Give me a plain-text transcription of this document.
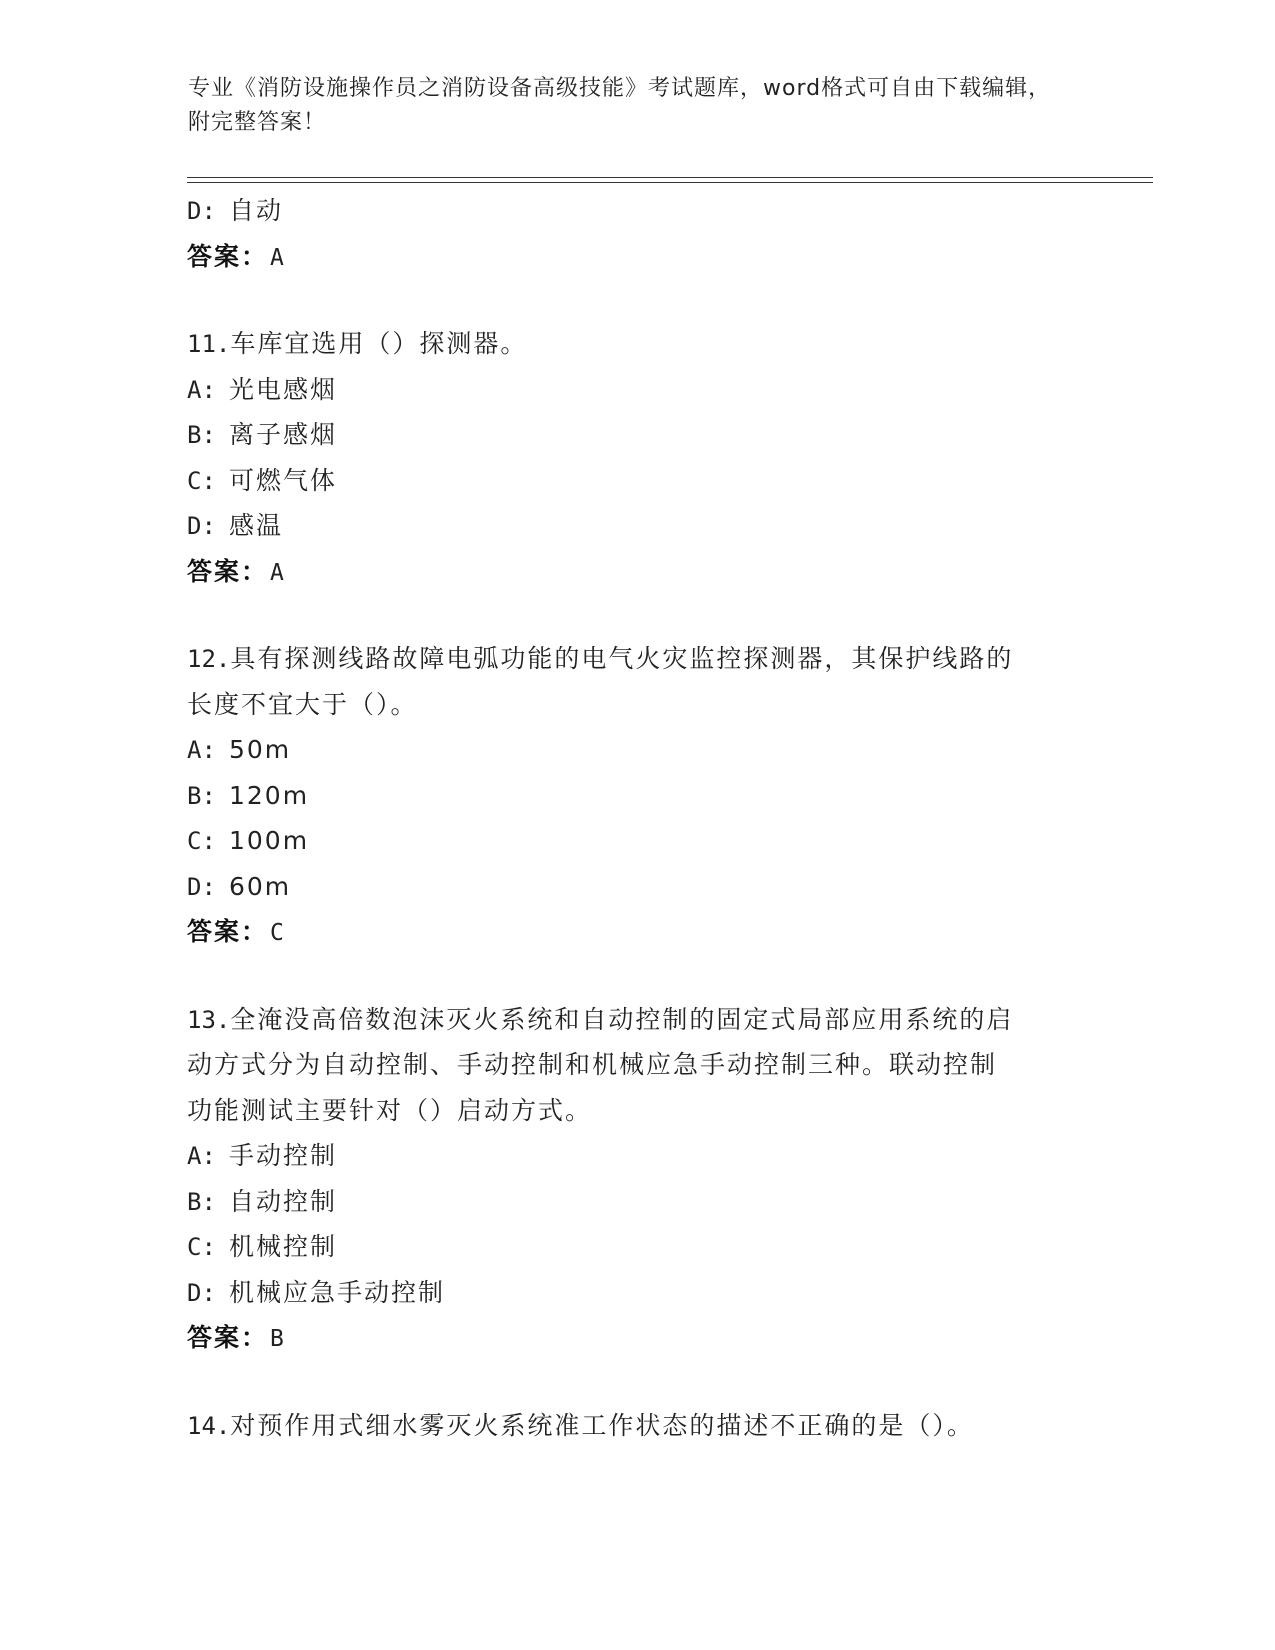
专业《消防设施操作员之消防设备高级技能》考试题库，word格式可自由下载编辑，附完整答案！
D: 自动
答案：A
11.车库宜选用（）探测器。
A: 光电感烟
B: 离子感烟
C: 可燃气体
D: 感温
答案：A
12.具有探测线路故障电弧功能的电气火灾监控探测器，其保护线路的
长度不宜大于（）。
A: 50m
B: 120m
C: 100m
D: 60m
答案：C
13.全淹没高倍数泡沫灭火系统和自动控制的固定式局部应用系统的启
动方式分为自动控制、手动控制和机械应急手动控制三种。联动控制
功能测试主要针对（）启动方式。
A: 手动控制
B: 自动控制
C: 机械控制
D: 机械应急手动控制
答案：B
14.对预作用式细水雾灭火系统准工作状态的描述不正确的是（）。
